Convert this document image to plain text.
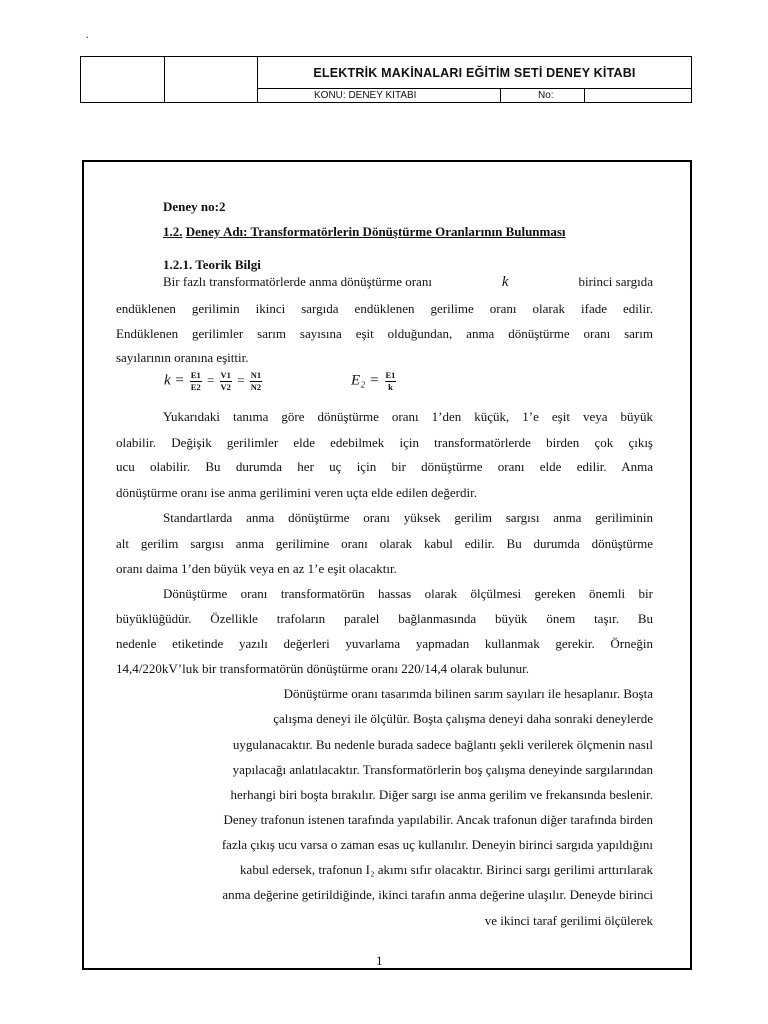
.
ELEKTRİK MAKİNALARI EĞİTİM SETİ DENEY KİTABI
KONU: DENEY KITABI	No:
Deney no:2
1.2. Deney Adı: Transformatörlerin Dönüştürme Oranlarının Bulunması
1.2.1. Teorik Bilgi
Bir fazlı transformatörlerde anma dönüştürme oranı	k	birinci sargıda
endüklenen gerilimin ikinci sargıda endüklenen gerilime oranı olarak ifade edilir.
Endüklenen gerilimler sarım sayısına eşit olduğundan, anma dönüştürme oranı sarım
sayılarının oranına eşittir.
$k = \frac{E1}{E2} = \frac{V1}{V2} = \frac{N1}{N2}$	$E_2 = \frac{E1}{k}$
Yukarıdaki tanıma göre dönüştürme oranı 1’den küçük, 1’e eşit veya büyük
olabilir. Değişik gerilimler elde edebilmek için transformatörlerde birden çok çıkış
ucu olabilir. Bu durumda her uç için bir dönüştürme oranı elde edilir. Anma
dönüştürme oranı ise anma gerilimini veren uçta elde edilen değerdir.
Standartlarda anma dönüştürme oranı yüksek gerilim sargısı anma geriliminin
alt gerilim sargısı anma gerilimine oranı olarak kabul edilir. Bu durumda dönüştürme
oranı daima 1’den büyük veya en az 1’e eşit olacaktır.
Dönüştürme oranı transformatörün hassas olarak ölçülmesi gereken önemli bir
büyüklüğüdür. Özellikle trafoların paralel bağlanmasında büyük önem taşır. Bu
nedenle etiketinde yazılı değerleri yuvarlama yapmadan kullanmak gerekir. Örneğin
14,4/220kV’luk bir transformatörün dönüştürme oranı 220/14,4 olarak bulunur.
Dönüştürme oranı tasarımda bilinen sarım sayıları ile hesaplanır. Boşta
çalışma deneyi ile ölçülür. Boşta çalışma deneyi daha sonraki deneylerde
uygulanacaktır. Bu nedenle burada sadece bağlantı şekli verilerek ölçmenin nasıl
yapılacağı anlatılacaktır. Transformatörlerin boş çalışma deneyinde sargılarından
herhangi biri boşta bırakılır. Diğer sargı ise anma gerilim ve frekansında beslenir.
Deney trafonun istenen tarafında yapılabilir. Ancak trafonun diğer tarafında birden
fazla çıkış ucu varsa o zaman esas uç kullanılır. Deneyin birinci sargıda yapıldığını
kabul edersek, trafonun I₂ akımı sıfır olacaktır. Birinci sargı gerilimi arttırılarak
anma değerine getirildiğinde, ikinci tarafın anma değerine ulaşılır. Deneyde birinci
ve ikinci taraf gerilimi ölçülerek
1
